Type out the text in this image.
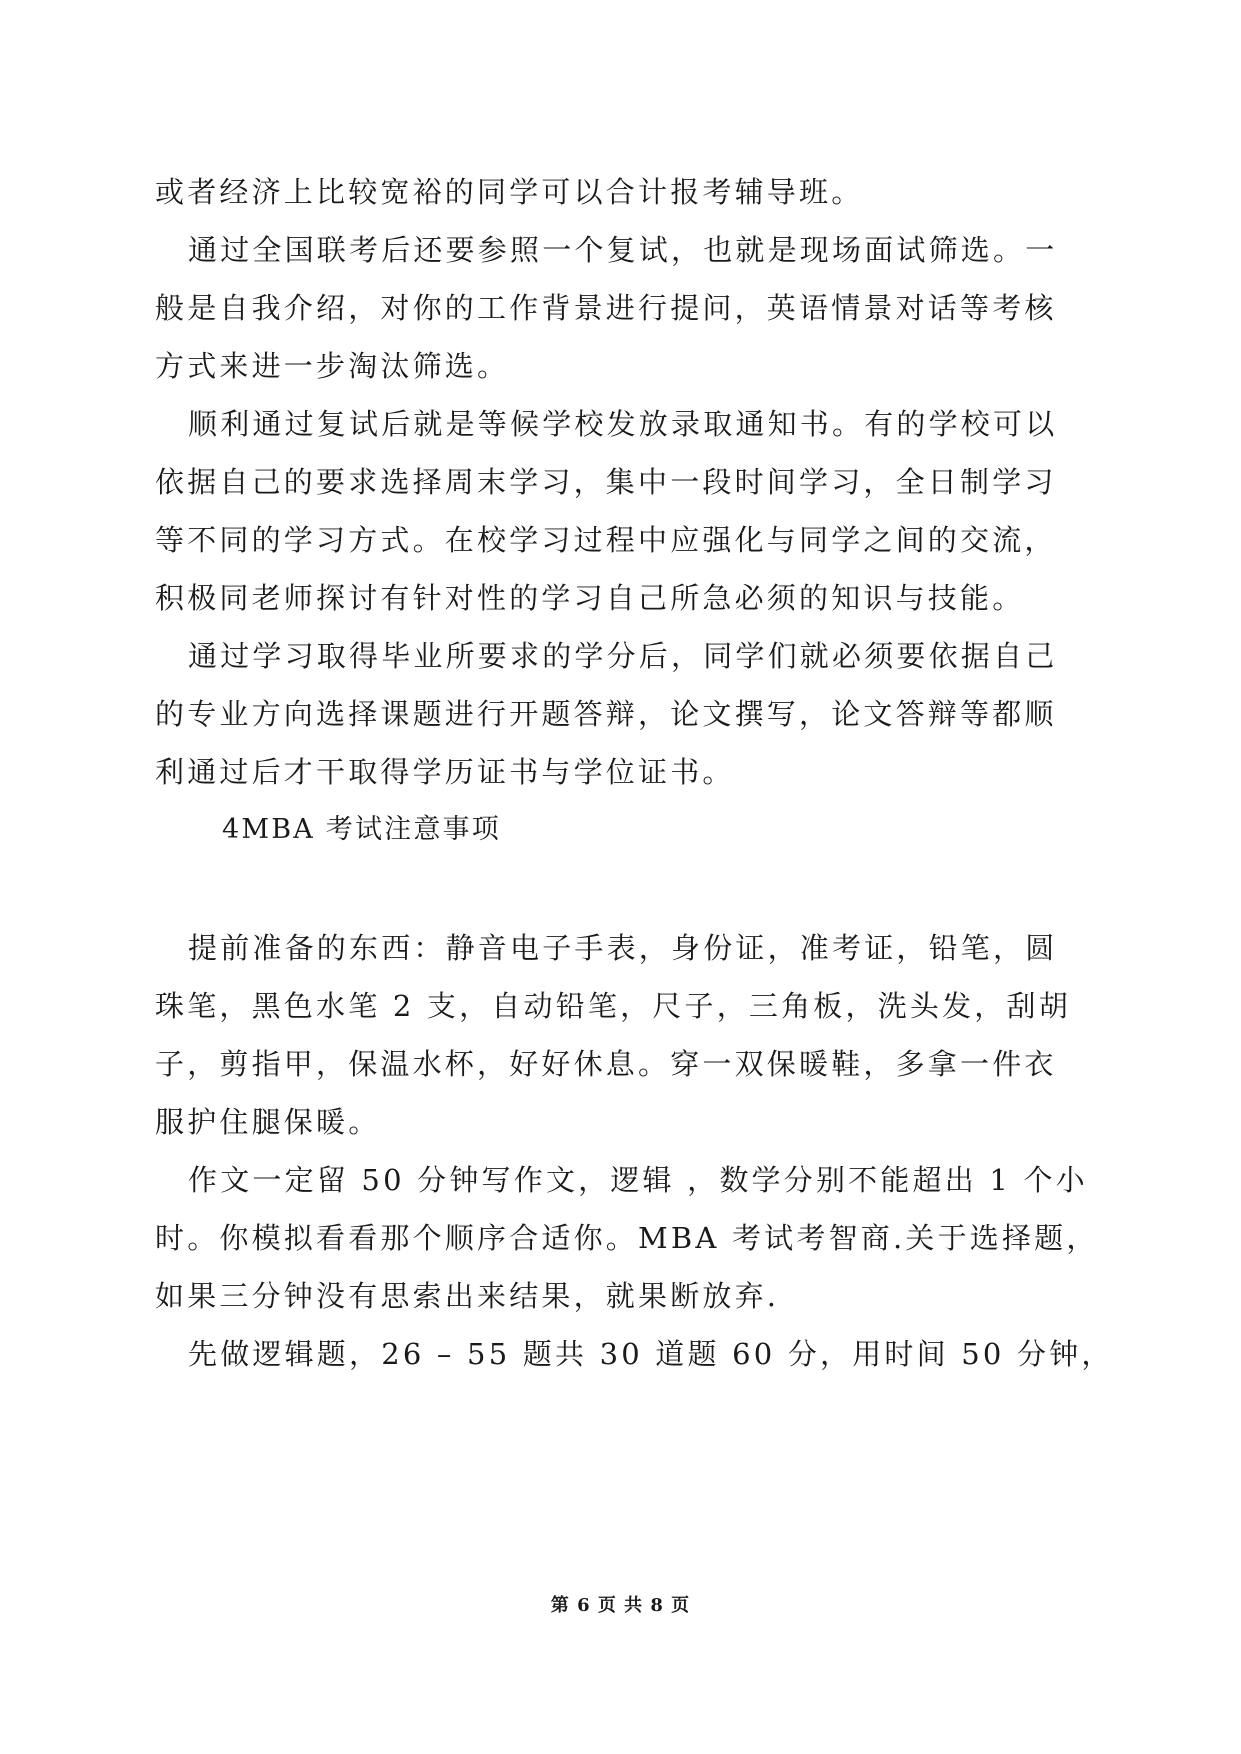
或者经济上比较宽裕的同学可以合计报考辅导班。
通过全国联考后还要参照一个复试，也就是现场面试筛选。一
般是自我介绍，对你的工作背景进行提问，英语情景对话等考核
方式来进一步淘汰筛选。
顺利通过复试后就是等候学校发放录取通知书。有的学校可以
依据自己的要求选择周末学习，集中一段时间学习，全日制学习
等不同的学习方式。在校学习过程中应强化与同学之间的交流，
积极同老师探讨有针对性的学习自己所急必须的知识与技能。
通过学习取得毕业所要求的学分后，同学们就必须要依据自己
的专业方向选择课题进行开题答辩，论文撰写，论文答辩等都顺
利通过后才干取得学历证书与学位证书。
4MBA 考试注意事项
提前准备的东西：静音电子手表，身份证，准考证，铅笔，圆
珠笔，黑色水笔 2 支，自动铅笔，尺子，三角板，洗头发，刮胡
子，剪指甲，保温水杯，好好休息。穿一双保暖鞋，多拿一件衣
服护住腿保暖。
作文一定留 50 分钟写作文，逻辑 ，数学分别不能超出 1 个小
时。你模拟看看那个顺序合适你。MBA 考试考智商.关于选择题，
如果三分钟没有思索出来结果，就果断放弃.
先做逻辑题，26 – 55 题共 30 道题 60 分，用时间 50 分钟，
第 6 页 共 8 页
